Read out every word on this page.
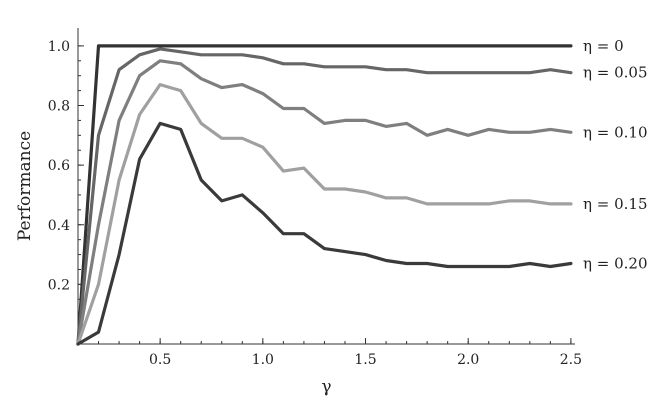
0.5	1.0	1.5	2.0	2.5
0.2
0.4
0.6
0.8
1.0
γ
Performance
η = 0
η = 0.05
η = 0.10
η = 0.15
η = 0.20
